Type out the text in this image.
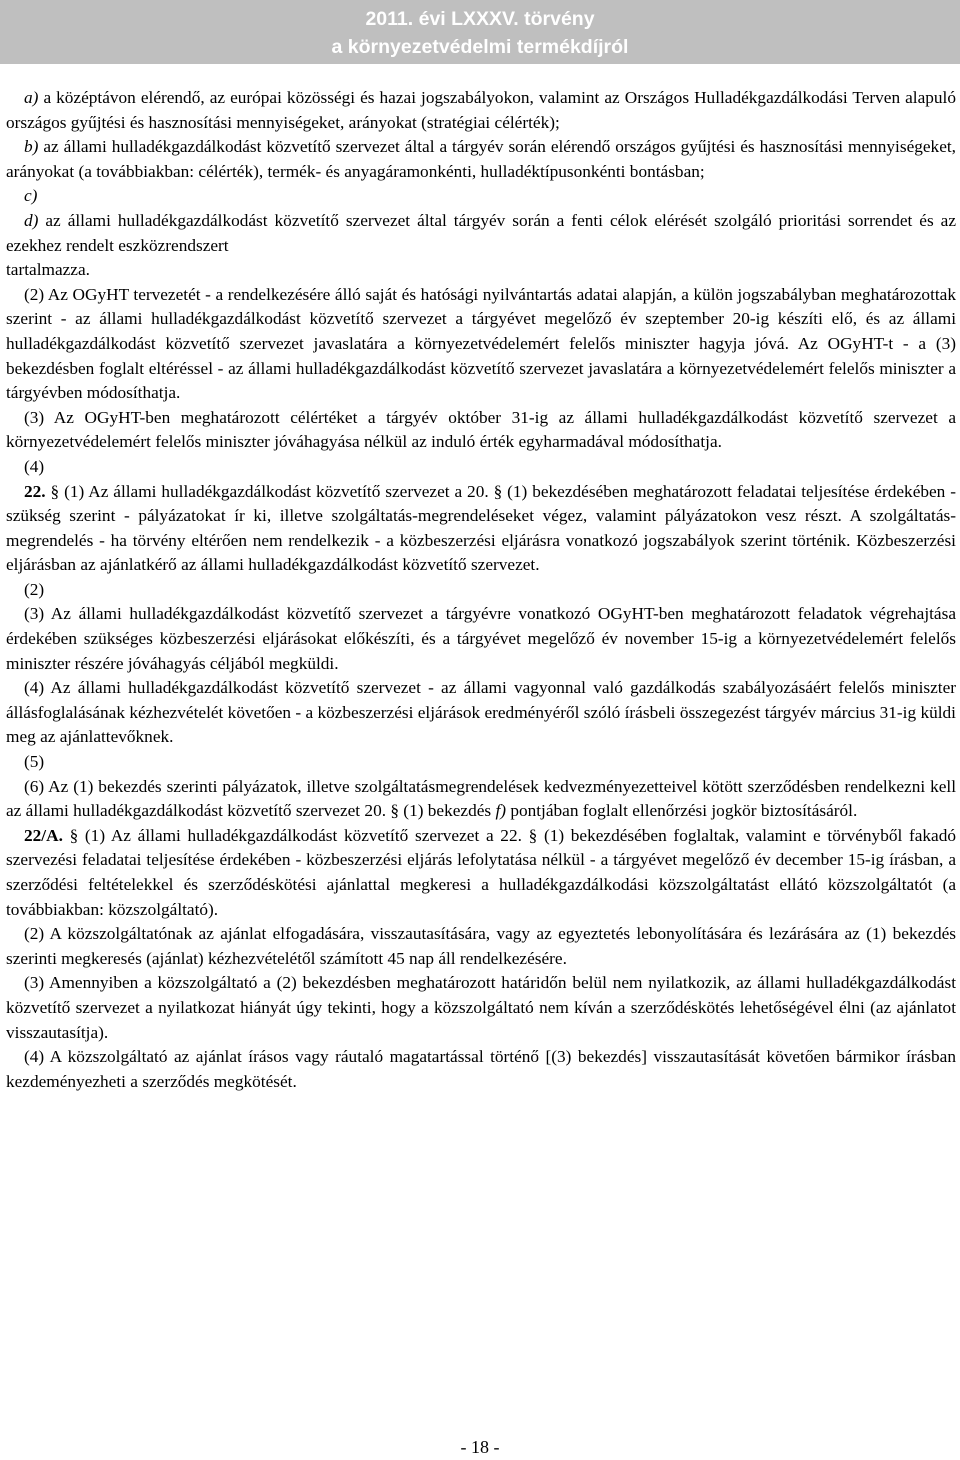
2011. évi LXXXV. törvény
a környezetvédelmi termékdíjról

a) a középtávon elérendő, az európai közösségi és hazai jogszabályokon, valamint az Országos Hulladékgazdálkodási Terven alapuló országos gyűjtési és hasznosítási mennyiségeket, arányokat (stratégiai célérték);

b) az állami hulladékgazdálkodást közvetítő szervezet által a tárgyév során elérendő országos gyűjtési és hasznosítási mennyiségeket, arányokat (a továbbiakban: célérték), termék- és anyagáramonkénti, hulladéktípusonkénti bontásban;

c)

d) az állami hulladékgazdálkodást közvetítő szervezet által tárgyév során a fenti célok elérését szolgáló prioritási sorrendet és az ezekhez rendelt eszközrendszert

tartalmazza.

(2) Az OGyHT tervezetét - a rendelkezésére álló saját és hatósági nyilvántartás adatai alapján, a külön jogszabályban meghatározottak szerint - az állami hulladékgazdálkodást közvetítő szervezet a tárgyévet megelőző év szeptember 20-ig készíti elő, és az állami hulladékgazdálkodást közvetítő szervezet javaslatára a környezetvédelemért felelős miniszter hagyja jóvá. Az OGyHT-t - a (3) bekezdésben foglalt eltéréssel - az állami hulladékgazdálkodást közvetítő szervezet javaslatára a környezetvédelemért felelős miniszter a tárgyévben módosíthatja.

(3) Az OGyHT-ben meghatározott célértéket a tárgyév október 31-ig az állami hulladékgazdálkodást közvetítő szervezet a környezetvédelemért felelős miniszter jóváhagyása nélkül az induló érték egyharmadával módosíthatja.

(4)

22. § (1) Az állami hulladékgazdálkodást közvetítő szervezet a 20. § (1) bekezdésében meghatározott feladatai teljesítése érdekében - szükség szerint - pályázatokat ír ki, illetve szolgáltatás-megrendeléseket végez, valamint pályázatokon vesz részt. A szolgáltatás-megrendelés - ha törvény eltérően nem rendelkezik - a közbeszerzési eljárásra vonatkozó jogszabályok szerint történik. Közbeszerzési eljárásban az ajánlatkérő az állami hulladékgazdálkodást közvetítő szervezet.

(2)

(3) Az állami hulladékgazdálkodást közvetítő szervezet a tárgyévre vonatkozó OGyHT-ben meghatározott feladatok végrehajtása érdekében szükséges közbeszerzési eljárásokat előkészíti, és a tárgyévet megelőző év november 15-ig a környezetvédelemért felelős miniszter részére jóváhagyás céljából megküldi.

(4) Az állami hulladékgazdálkodást közvetítő szervezet - az állami vagyonnal való gazdálkodás szabályozásáért felelős miniszter állásfoglalásának kézhezvételét követően - a közbeszerzési eljárások eredményéről szóló írásbeli összegezést tárgyév március 31-ig küldi meg az ajánlattevőknek.

(5)

(6) Az (1) bekezdés szerinti pályázatok, illetve szolgáltatásmegrendelések kedvezményezetteivel kötött szerződésben rendelkezni kell az állami hulladékgazdálkodást közvetítő szervezet 20. § (1) bekezdés f) pontjában foglalt ellenőrzési jogkör biztosításáról.

22/A. § (1) Az állami hulladékgazdálkodást közvetítő szervezet a 22. § (1) bekezdésében foglaltak, valamint e törvényből fakadó szervezési feladatai teljesítése érdekében - közbeszerzési eljárás lefolytatása nélkül - a tárgyévet megelőző év december 15-ig írásban, a szerződési feltételekkel és szerződéskötési ajánlattal megkeresi a hulladékgazdálkodási közszolgáltatást ellátó közszolgáltatót (a továbbiakban: közszolgáltató).

(2) A közszolgáltatónak az ajánlat elfogadására, visszautasítására, vagy az egyeztetés lebonyolítására és lezárására az (1) bekezdés szerinti megkeresés (ajánlat) kézhezvételétől számított 45 nap áll rendelkezésére.

(3) Amennyiben a közszolgáltató a (2) bekezdésben meghatározott határidőn belül nem nyilatkozik, az állami hulladékgazdálkodást közvetítő szervezet a nyilatkozat hiányát úgy tekinti, hogy a közszolgáltató nem kíván a szerződéskötés lehetőségével élni (az ajánlatot visszautasítja).

(4) A közszolgáltató az ajánlat írásos vagy ráutaló magatartással történő [(3) bekezdés] visszautasítását követően bármikor írásban kezdeményezheti a szerződés megkötését.

- 18 -
